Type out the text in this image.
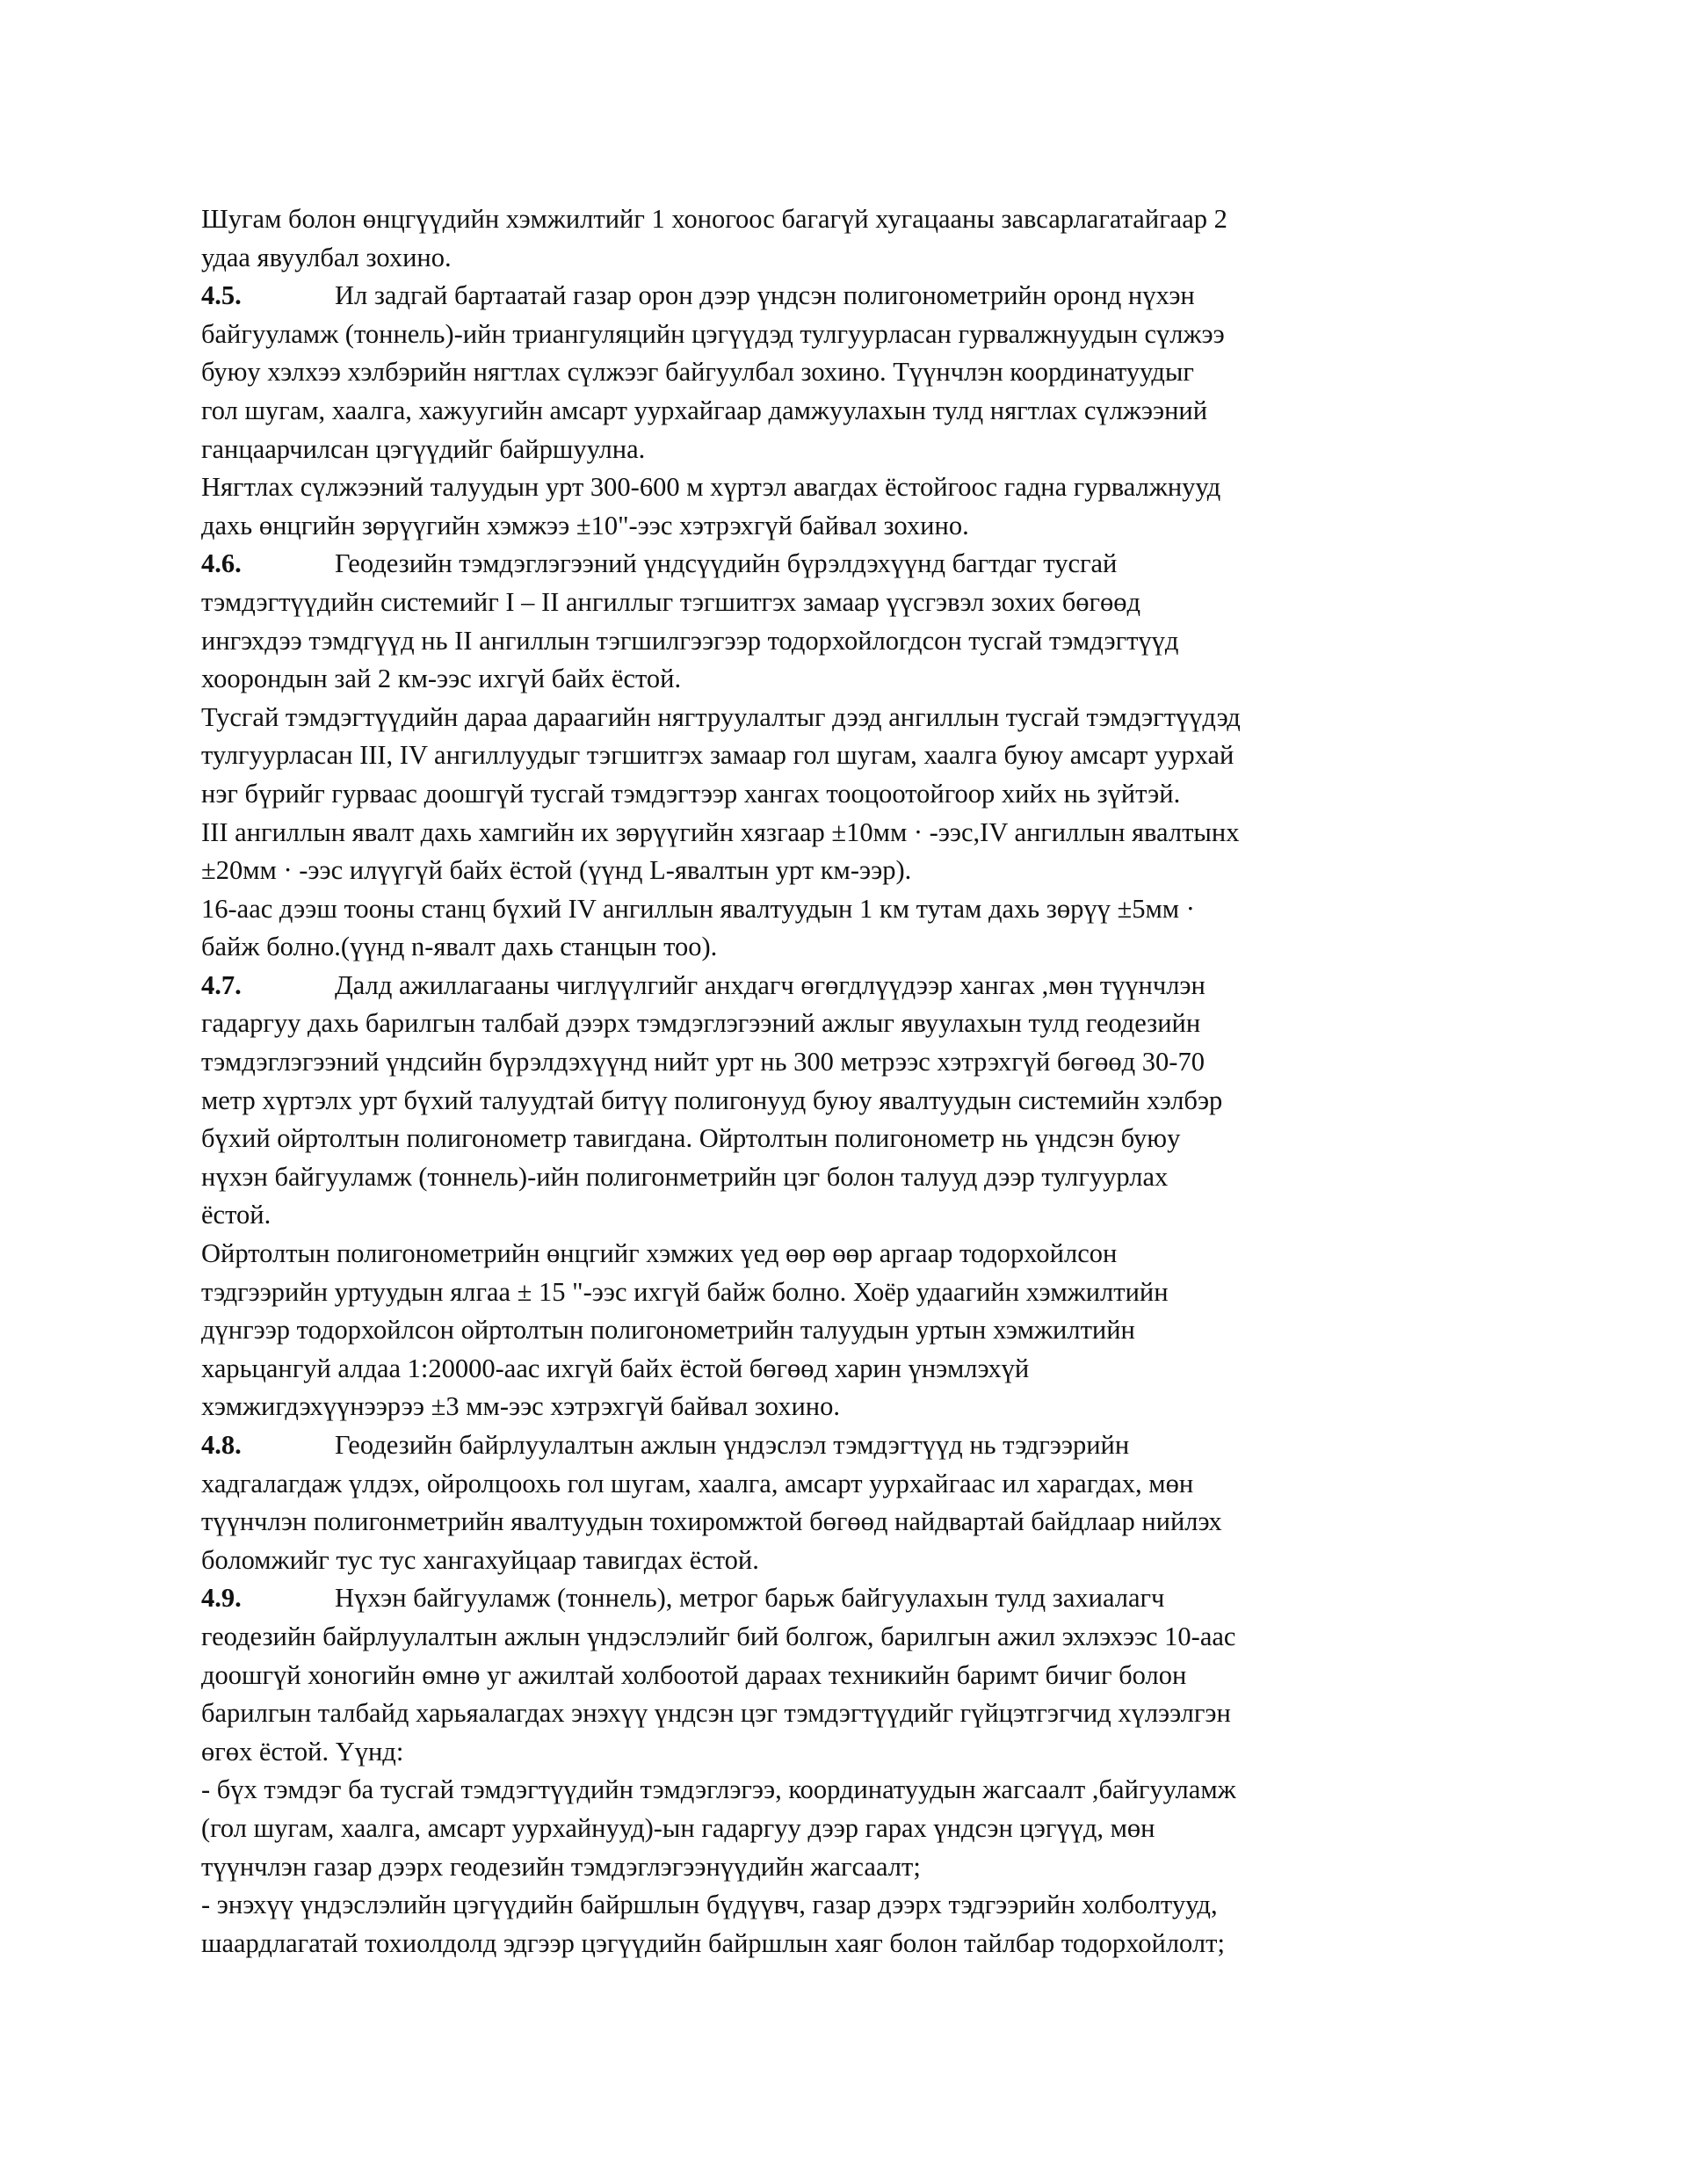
Шугам болон өнцгүүдийн хэмжилтийг 1 хоногоос багагүй хугацааны завсарлагатайгаар 2
удаа явуулбал зохино.
4.5.	Ил задгай бартаатай газар орон дээр үндсэн полигонометрийн оронд нүхэн
байгууламж (тоннель)-ийн триангуляцийн цэгүүдэд тулгуурласан гурвалжнуудын сүлжээ
буюу хэлхээ хэлбэрийн нягтлах сүлжээг байгуулбал зохино. Түүнчлэн координатуудыг
гол шугам, хаалга, хажуугийн амсарт уурхайгаар дамжуулахын тулд нягтлах сүлжээний
ганцаарчилсан цэгүүдийг байршуулна.
Нягтлах сүлжээний талуудын урт 300-600 м хүртэл авагдах ёстойгоос гадна гурвалжнууд
дахь өнцгийн зөрүүгийн хэмжээ ±10"-ээс хэтрэхгүй байвал зохино.
4.6.	Геодезийн тэмдэглэгээний үндсүүдийн бүрэлдэхүүнд багтдаг тусгай
тэмдэгтүүдийн системийг I – II ангиллыг тэгшитгэх замаар үүсгэвэл зохих бөгөөд
ингэхдээ тэмдгүүд нь II ангиллын тэгшилгээгээр тодорхойлогдсон тусгай тэмдэгтүүд
хоорондын зай 2 км-ээс ихгүй байх ёстой.
Тусгай тэмдэгтүүдийн дараа дараагийн нягтруулалтыг дээд ангиллын тусгай тэмдэгтүүдэд
тулгуурласан III, IV ангиллуудыг тэгшитгэх замаар гол шугам, хаалга буюу амсарт уурхай
нэг бүрийг гурваас доошгүй тусгай тэмдэгтээр хангах тооцоотойгоор хийх нь зүйтэй.
III ангиллын явалт дахь хамгийн их зөрүүгийн хязгаар ±10мм · -ээс,IV ангиллын явалтынх
±20мм · -ээс илүүгүй байх ёстой (үүнд L-явалтын урт км-ээр).
16-аас дээш тооны станц бүхий IV ангиллын явалтуудын 1 км тутам дахь зөрүү ±5мм ·
байж болно.(үүнд n-явалт дахь станцын тоо).
4.7.	Далд ажиллагааны чиглүүлгийг анхдагч өгөгдлүүдээр хангах ,мөн түүнчлэн
гадаргуу дахь барилгын талбай дээрх тэмдэглэгээний ажлыг явуулахын тулд геодезийн
тэмдэглэгээний үндсийн бүрэлдэхүүнд нийт урт нь 300 метрээс хэтрэхгүй бөгөөд 30-70
метр хүртэлх урт бүхий талуудтай битүү полигонууд буюу явалтуудын системийн хэлбэр
бүхий ойртолтын полигонометр тавигдана. Ойртолтын полигонометр нь үндсэн буюу
нүхэн байгууламж (тоннель)-ийн полигонметрийн цэг болон талууд дээр тулгуурлах
ёстой.
Ойртолтын полигонометрийн өнцгийг хэмжих үед өөр өөр аргаар тодорхойлсон
тэдгээрийн уртуудын ялгаа ± 15 "-ээс ихгүй байж болно. Хоёр удаагийн хэмжилтийн
дүнгээр тодорхойлсон ойртолтын полигонометрийн талуудын уртын хэмжилтийн
харьцангуй алдаа 1:20000-аас ихгүй байх ёстой бөгөөд харин үнэмлэхүй
хэмжигдэхүүнээрээ ±3 мм-ээс хэтрэхгүй байвал зохино.
4.8.	Геодезийн байрлуулалтын ажлын үндэслэл тэмдэгтүүд нь тэдгээрийн
хадгалагдаж үлдэх, ойролцоохь гол шугам, хаалга, амсарт уурхайгаас ил харагдах, мөн
түүнчлэн полигонметрийн явалтуудын тохиромжтой бөгөөд найдвартай байдлаар нийлэх
боломжийг тус тус хангахуйцаар тавигдах ёстой.
4.9.	Нүхэн байгууламж (тоннель), метрог барьж байгуулахын тулд захиалагч
геодезийн байрлуулалтын ажлын үндэслэлийг бий болгож, барилгын ажил эхлэхээс 10-аас
доошгүй хоногийн өмнө уг ажилтай холбоотой дараах техникийн баримт бичиг болон
барилгын талбайд харьяалагдах энэхүү үндсэн цэг тэмдэгтүүдийг гүйцэтгэгчид хүлээлгэн
өгөх ёстой. Үүнд:
- бүх тэмдэг ба тусгай тэмдэгтүүдийн тэмдэглэгээ, координатуудын жагсаалт ,байгууламж
(гол шугам, хаалга, амсарт уурхайнууд)-ын гадаргуу дээр гарах үндсэн цэгүүд, мөн
түүнчлэн газар дээрх геодезийн тэмдэглэгээнүүдийн жагсаалт;
- энэхүү үндэслэлийн цэгүүдийн байршлын бүдүүвч, газар дээрх тэдгээрийн холболтууд,
шаардлагатай тохиолдолд эдгээр цэгүүдийн байршлын хаяг болон тайлбар тодорхойлолт;
